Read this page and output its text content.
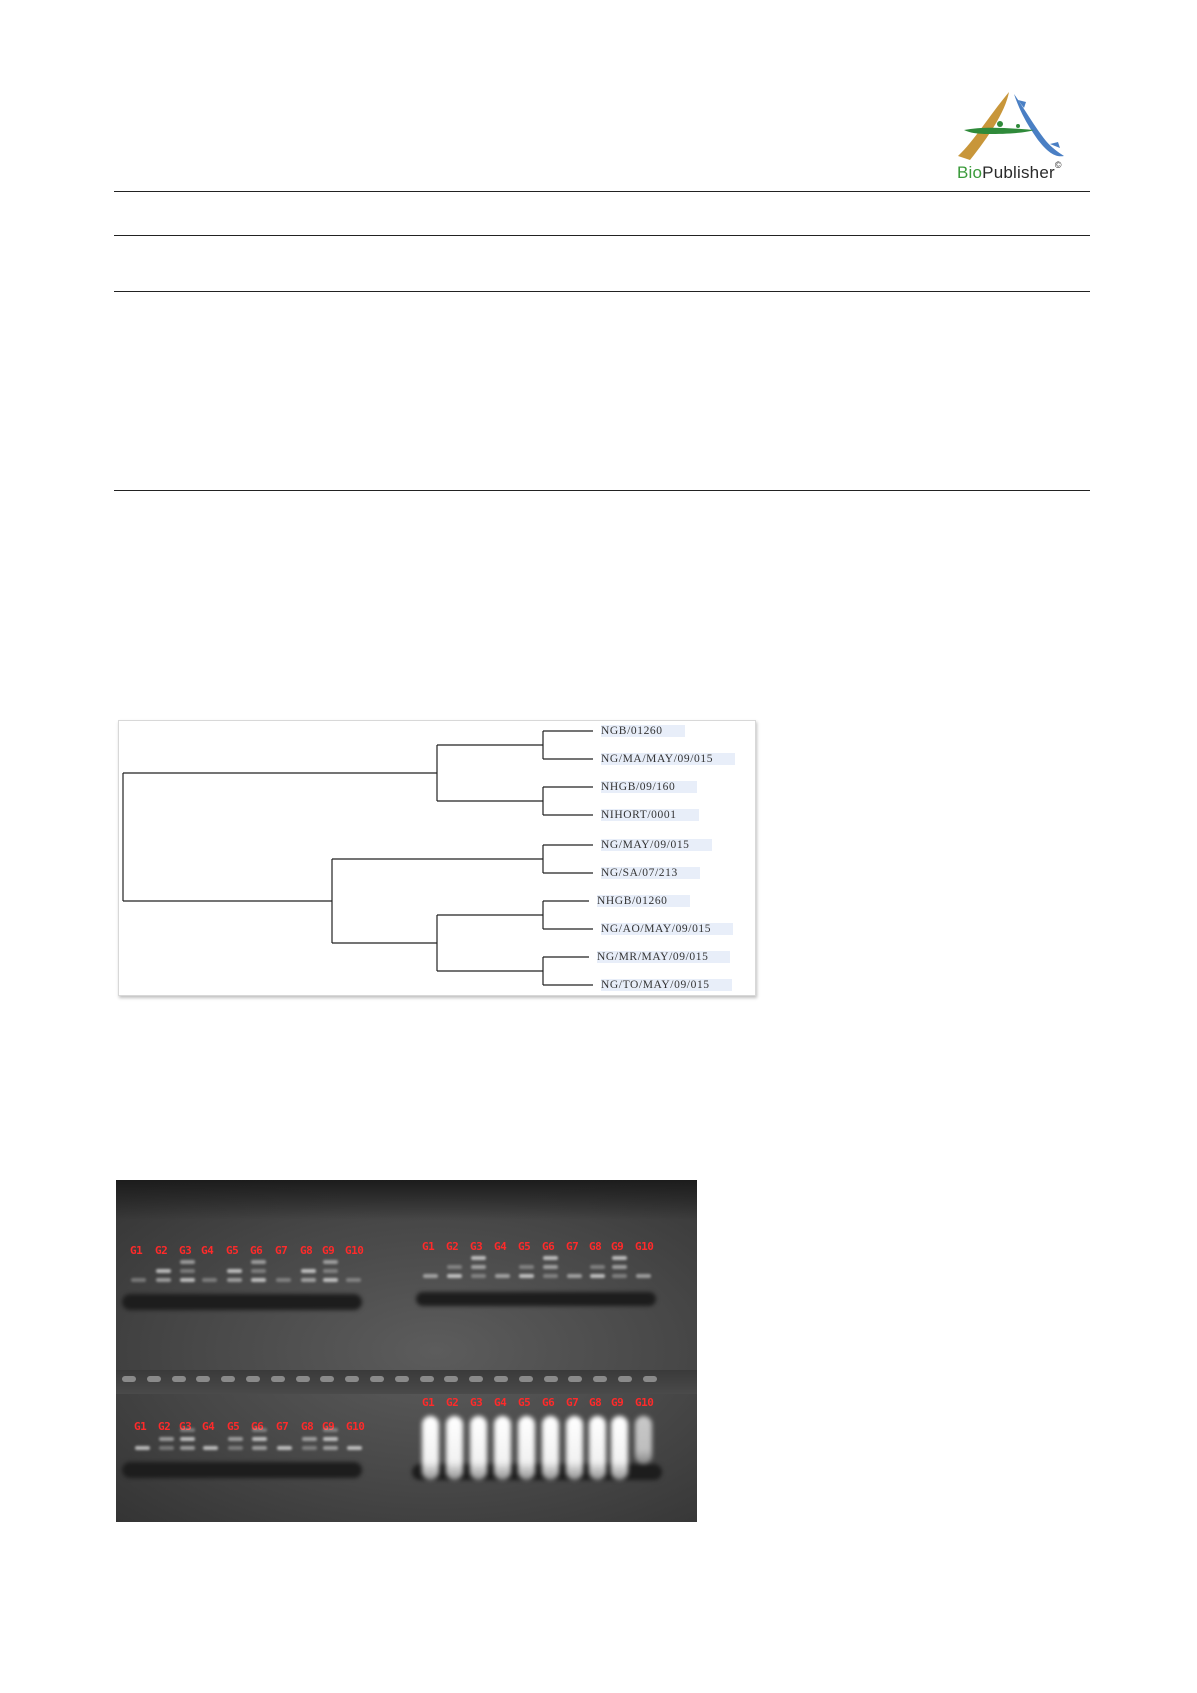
BioPublisher©
NGB/01260
NG/MA/MAY/09/015
NHGB/09/160
NIHORT/0001
NG/MAY/09/015
NG/SA/07/213
NHGB/01260
NG/AO/MAY/09/015
NG/MR/MAY/09/015
NG/TO/MAY/09/015
G1 G2 G3 G4 G5 G6 G7 G8 G9 G10	G1 G2 G3 G4 G5 G6 G7 G8 G9 G10
G1 G2 G3 G4 G5 G6 G7 G8 G9 G10
G1 G2 G3 G4 G5 G6 G7 G8 G9 G10
